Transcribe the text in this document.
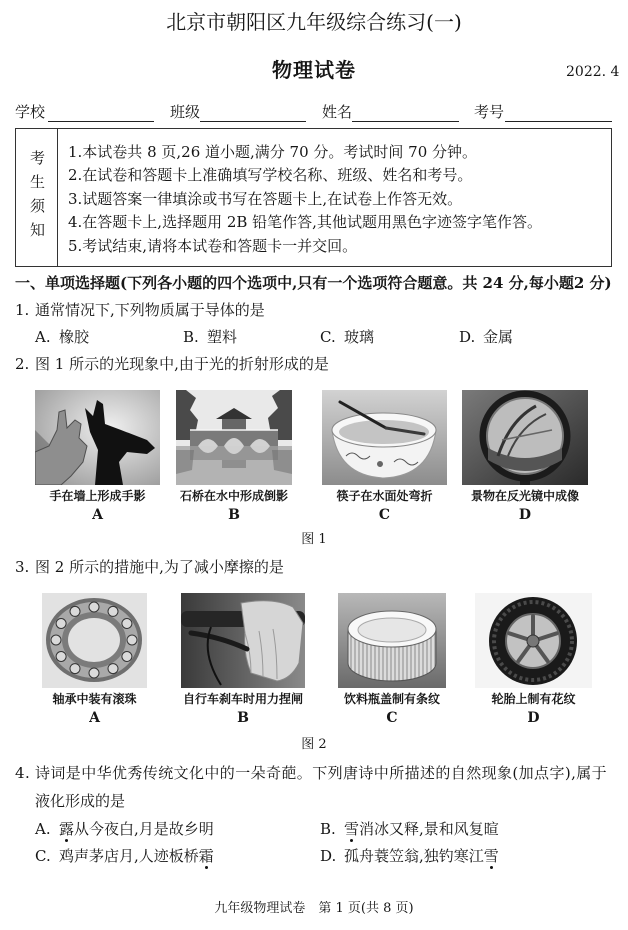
北京市朝阳区九年级综合练习(一)
物理试卷	2022. 4
学校	班级	姓名	考号
考生须知 1.本试卷共 8 页,26 道小题,满分 70 分。考试时间 70 分钟。
2.在试卷和答题卡上准确填写学校名称、班级、姓名和考号。
3.试题答案一律填涂或书写在答题卡上,在试卷上作答无效。
4.在答题卡上,选择题用 2B 铅笔作答,其他试题用黑色字迹签字笔作答。
5.考试结束,请将本试卷和答题卡一并交回。
一、单项选择题(下列各小题的四个选项中,只有一个选项符合题意。共 24 分,每小题2 分)
1. 通常情况下,下列物质属于导体的是
A. 橡胶	B. 塑料	C. 玻璃	D. 金属
2. 图 1 所示的光现象中,由于光的折射形成的是
手在墙上形成手影
A
石桥在水中形成倒影
B
筷子在水面处弯折
C
景物在反光镜中成像
D
图 1
3. 图 2 所示的措施中,为了减小摩擦的是
轴承中装有滚珠
A
自行车刹车时用力捏闸
B
饮料瓶盖制有条纹
C
轮胎上制有花纹
D
图 2
4. 诗词是中华优秀传统文化中的一朵奇葩。下列唐诗中所描述的自然现象(加点字),属于
液化形成的是
A. 露从今夜白,月是故乡明	B. 雪消冰又释,景和风复暄
C. 鸡声茅店月,人迹板桥霜	D. 孤舟蓑笠翁,独钓寒江雪
九年级物理试卷　第 1 页(共 8 页)
